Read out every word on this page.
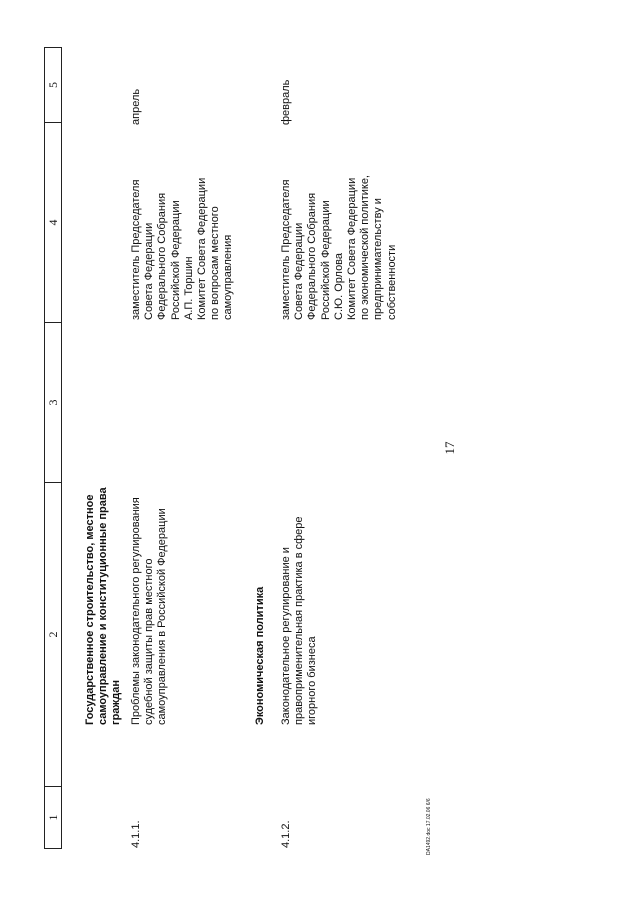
17
1
2
3
4
5
Государственное строительство, местное
самоуправление и конституционные права
граждан
4.1.1.
Проблемы законодательного регулирования
судебной защиты прав местного
самоуправления в Российской Федерации
заместитель Председателя
Совета Федерации
Федерального Собрания
Российской Федерации
А.П. Торшин
Комитет Совета Федерации
по вопросам местного
самоуправления
апрель
Экономическая политика
4.1.2.
Законодательное регулирование и
правоприменительная практика в сфере
игорного бизнеса
заместитель Председателя
Совета Федерации
Федерального Собрания
Российской Федерации
С.Ю. Орлова
Комитет Совета Федерации
по экономической политике,
предпринимательству и
собственности
февраль
DA1492.doc 17.02.06 6/6
